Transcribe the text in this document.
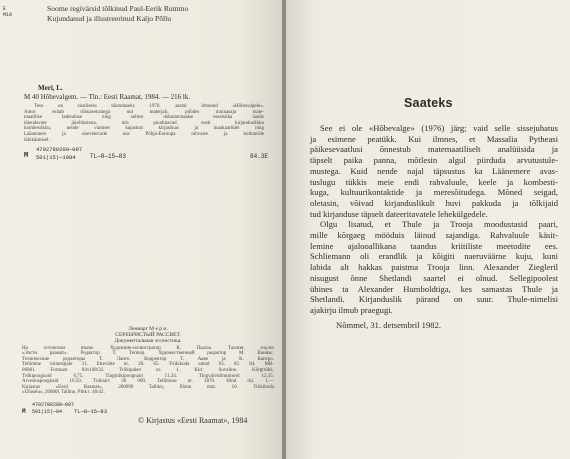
E
M10
Soome regivärsid tõlkinud Paul-Eerik Rummo
Kujundanud ja illustreerinud Kaljo Põllu
Meri, L.
M 40 Hõbevalgem. — Tln.: Eesti Raamat, 1984. — 216 lk.

Teos on sisuliseks täienduseks 1976. aastal ilmunud «Hõbevalgele».

Autor esitab rõhuasetustega uut materjali, püüdes muinasaja mate-

maatilise ladenduse ning sellest dokumentaalse esseistika laadis

täiendavate järeldustena, mis puudutavad eesti kirjanduslikku

kombestikku, nende vaimset kajastust kirjasõnas ja maakaartidel ning

Läänemere ja sisevetecode osa Põhja-Euroopa rahvaste ja kultuuride

läbikäimisel.

M
4702780200—097
501(15)—1984	TL—8—15—83	84.3E
Леннарт М е р и.
СЕРЕБРИСТЫЙ РАССВЕТ.
Документальная эссеистика.

На эстонском языке. Художник-иллюстратор К. Пылль. Таллин, изд-во

«Ээсти раамат». Редактор Т. Теппер. Художественный редактор М. Ваннас.

Технические редакторы Т. Ланге. Корректор Т. Ааве ja К. Кангро.

Tellimine toimetajale 31. Ettevõtte nr. 28. 65. Trükikoda antud 03. 02. 84. MB-

06081. Formaat 84x108/32. Trükipaber nr. 1. Kiri: Suvaline. Kõrgtrükk.

Trükipoognaid 6,75. Tingtrükipoognaid 11,34. Tingvärvitõmmiseid 12,35.

Arvestuspoognaid 10,50. Trükiarv 30 000. Tellimuse nr. 1870. Hind rbl. 1.—

Kirjastus «Eesti Raamat», 200090 Tallinn, Pärnu mnt. 10. Trükikoda

«Ühiselu», 200001 Tallinn, Pikk t. 40/42.

M
4702780200—097
501(15)—84	TL—8—15—83
© Kirjastus «Eesti Raamat», 1984
Saateks

See ei ole «Hõbevalge» (1976) järg; vaid selle sissejuhatus

ja esimene peatükk. Kui ilmnes, et Massalia Pytheasi

päikesevaatlusi õnnestub matemaatiliselt analüüsida ja

täpselt paika panna, mõtlesin algul piirduda arvutustule-

mustega. Kuid nende najal täpsustus ka Läänemere avas-

tuslugu tükkis meie endi rahvaluule, keele ja kombesti-

kuga, kultuurikontaktide ja meresõitudega. Mõned seigad,

oletasin, võivad kirjanduslikult huvi pakkuda ja tõlkijaid

tud kirjanduse täpselt dateeritavatele lehekülgedele.

Olgu lisatud, et Thule ja Trooja moodustasid paari,

mille kõrgaeg mööduis läinud sajandiga. Rahvaluule käsit-

lemine ajalooallikana taandus kriitiliste meetodite ees.

Schliemann oli erandlik ja kõigiti naeruväärne kuju, kuni

labida alt hakkas paistma Trooja linn. Alexander Ziegleril

nisugust õnne Shetlandi saartel ei olnud. Sellegipoolest

ühines ta Alexander Humboldtiga, kes samastas Thule ja

Shetlandi. Kirjanduslik pärand on suur. Thule-nimelisi

ajakirju ilmub praegugi.

Nõmmel, 31. detsembril 1982.
